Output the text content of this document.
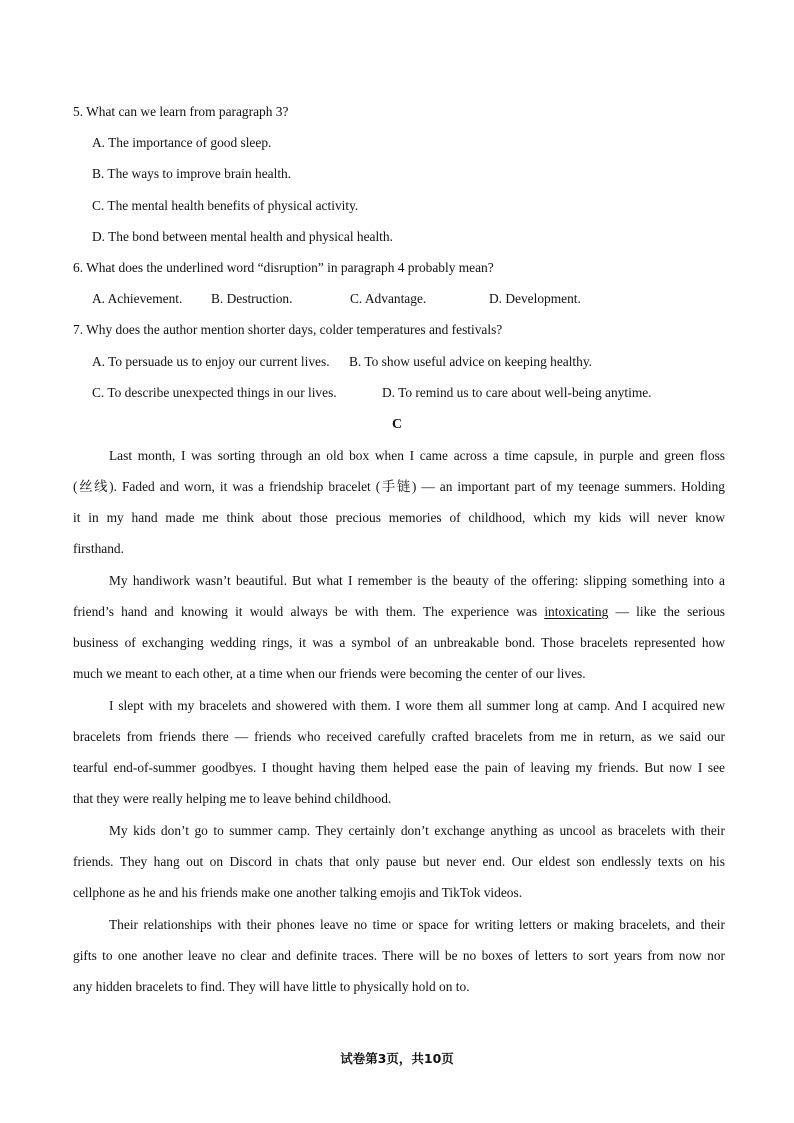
5. What can we learn from paragraph 3?
A. The importance of good sleep.
B. The ways to improve brain health.
C. The mental health benefits of physical activity.
D. The bond between mental health and physical health.
6. What does the underlined word “disruption” in paragraph 4 probably mean?
A. Achievement. B. Destruction.	C. Advantage.	D. Development.
7. Why does the author mention shorter days, colder temperatures and festivals?
A. To persuade us to enjoy our current lives. B. To show useful advice on keeping healthy.
C. To describe unexpected things in our lives.	D. To remind us to care about well-being anytime.
C
Last month, I was sorting through an old box when I came across a time capsule, in purple and green floss
(丝线). Faded and worn, it was a friendship bracelet (手链) — an important part of my teenage summers. Holding
it in my hand made me think about those precious memories of childhood, which my kids will never know
firsthand.
My handiwork wasn’t beautiful. But what I remember is the beauty of the offering: slipping something into a
friend’s hand and knowing it would always be with them. The experience was intoxicating — like the serious
business of exchanging wedding rings, it was a symbol of an unbreakable bond. Those bracelets represented how
much we meant to each other, at a time when our friends were becoming the center of our lives.
I slept with my bracelets and showered with them. I wore them all summer long at camp. And I acquired new
bracelets from friends there — friends who received carefully crafted bracelets from me in return, as we said our
tearful end-of-summer goodbyes. I thought having them helped ease the pain of leaving my friends. But now I see
that they were really helping me to leave behind childhood.
My kids don’t go to summer camp. They certainly don’t exchange anything as uncool as bracelets with their
friends. They hang out on Discord in chats that only pause but never end. Our eldest son endlessly texts on his
cellphone as he and his friends make one another talking emojis and TikTok videos.
Their relationships with their phones leave no time or space for writing letters or making bracelets, and their
gifts to one another leave no clear and definite traces. There will be no boxes of letters to sort years from now nor
any hidden bracelets to find. They will have little to physically hold on to.
试卷第3页，共10页
